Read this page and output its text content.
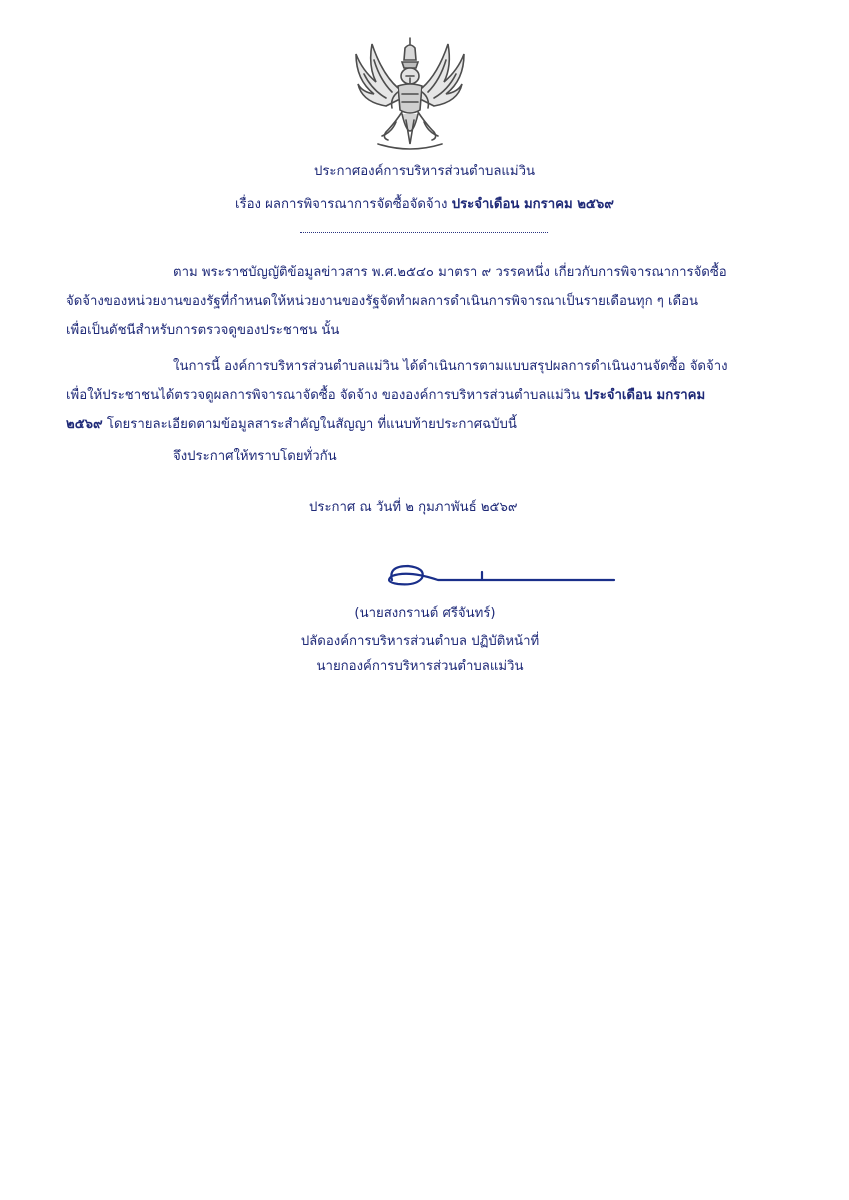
ประกาศองค์การบริหารส่วนตำบลแม่วิน
เรื่อง ผลการพิจารณาการจัดซื้อจัดจ้าง ประจำเดือน มกราคม ๒๕๖๙
ตาม พระราชบัญญัติข้อมูลข่าวสาร พ.ศ.๒๕๔๐ มาตรา ๙ วรรคหนึ่ง เกี่ยวกับการพิจารณาการจัดซื้อ
จัดจ้างของหน่วยงานของรัฐที่กำหนดให้หน่วยงานของรัฐจัดทำผลการดำเนินการพิจารณาเป็นรายเดือนทุก ๆ เดือน
เพื่อเป็นดัชนีสำหรับการตรวจดูของประชาชน นั้น
ในการนี้ องค์การบริหารส่วนตำบลแม่วิน ได้ดำเนินการตามแบบสรุปผลการดำเนินงานจัดซื้อ จัดจ้าง
เพื่อให้ประชาชนได้ตรวจดูผลการพิจารณาจัดซื้อ จัดจ้าง ขององค์การบริหารส่วนตำบลแม่วิน ประจำเดือน มกราคม
๒๕๖๙ โดยรายละเอียดตามข้อมูลสาระสำคัญในสัญญา ที่แนบท้ายประกาศฉบับนี้
จึงประกาศให้ทราบโดยทั่วกัน
ประกาศ ณ วันที่ ๒ กุมภาพันธ์ ๒๕๖๙
(นายสงกรานต์ ศรีจันทร์)
ปลัดองค์การบริหารส่วนตำบล ปฏิบัติหน้าที่
นายกองค์การบริหารส่วนตำบลแม่วิน
